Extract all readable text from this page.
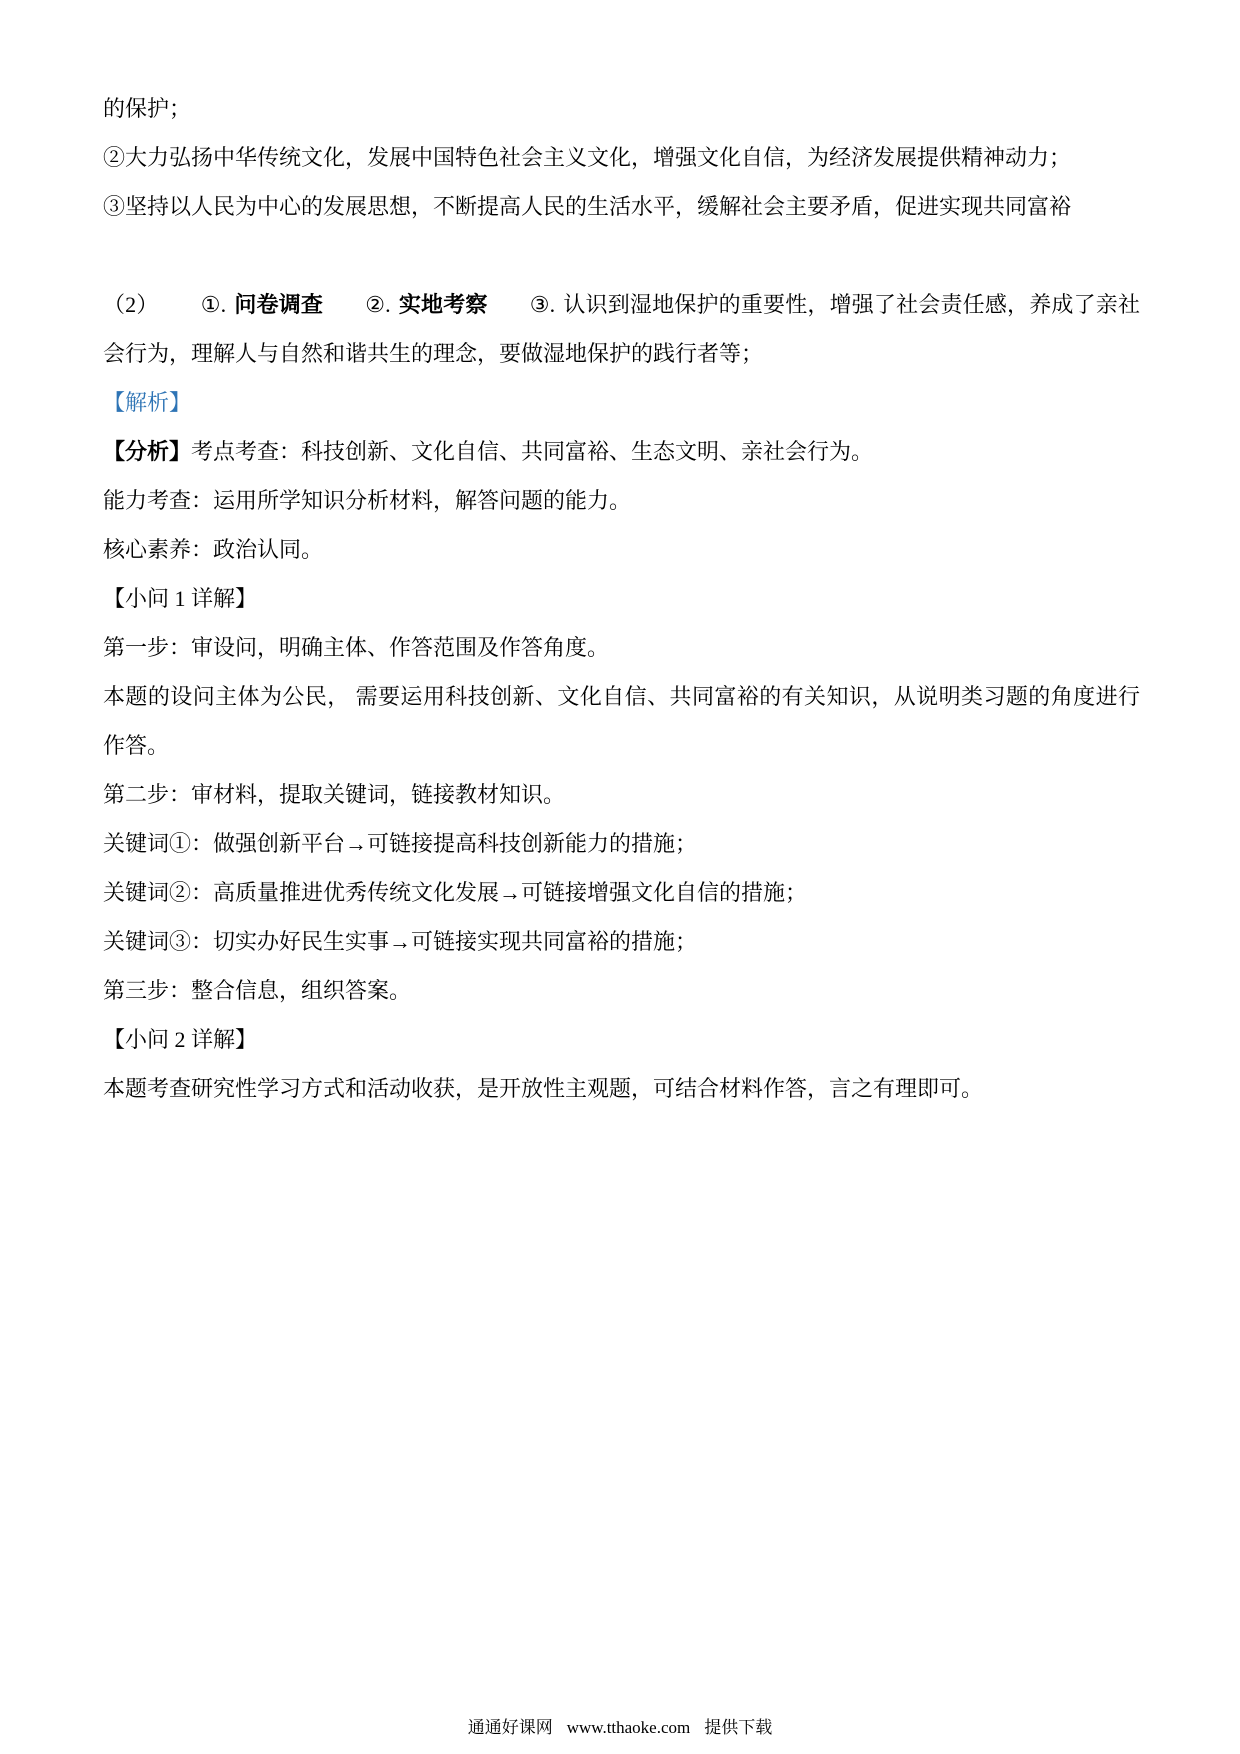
的保护；

②大力弘扬中华传统文化，发展中国特色社会主义文化，增强文化自信，为经济发展提供精神动力；

③坚持以人民为中心的发展思想，不断提高人民的生活水平，缓解社会主要矛盾，促进实现共同富裕

（2） ①. 问卷调查 ②. 实地考察 ③. 认识到湿地保护的重要性，增强了社会责任感，养成了亲社会行为，理解人与自然和谐共生的理念，要做湿地保护的践行者等；

【解析】

【分析】考点考查：科技创新、文化自信、共同富裕、生态文明、亲社会行为。

能力考查：运用所学知识分析材料，解答问题的能力。

核心素养：政治认同。

【小问 1 详解】

第一步：审设问，明确主体、作答范围及作答角度。

本题的设问主体为公民， 需要运用科技创新、文化自信、共同富裕的有关知识，从说明类习题的角度进行作答。

第二步：审材料，提取关键词，链接教材知识。

关键词①：做强创新平台→可链接提高科技创新能力的措施；

关键词②：高质量推进优秀传统文化发展→可链接增强文化自信的措施；

关键词③：切实办好民生实事→可链接实现共同富裕的措施；

第三步：整合信息，组织答案。

【小问 2 详解】

本题考查研究性学习方式和活动收获，是开放性主观题，可结合材料作答，言之有理即可。

通通好课网 www.tthaoke.com 提供下载
